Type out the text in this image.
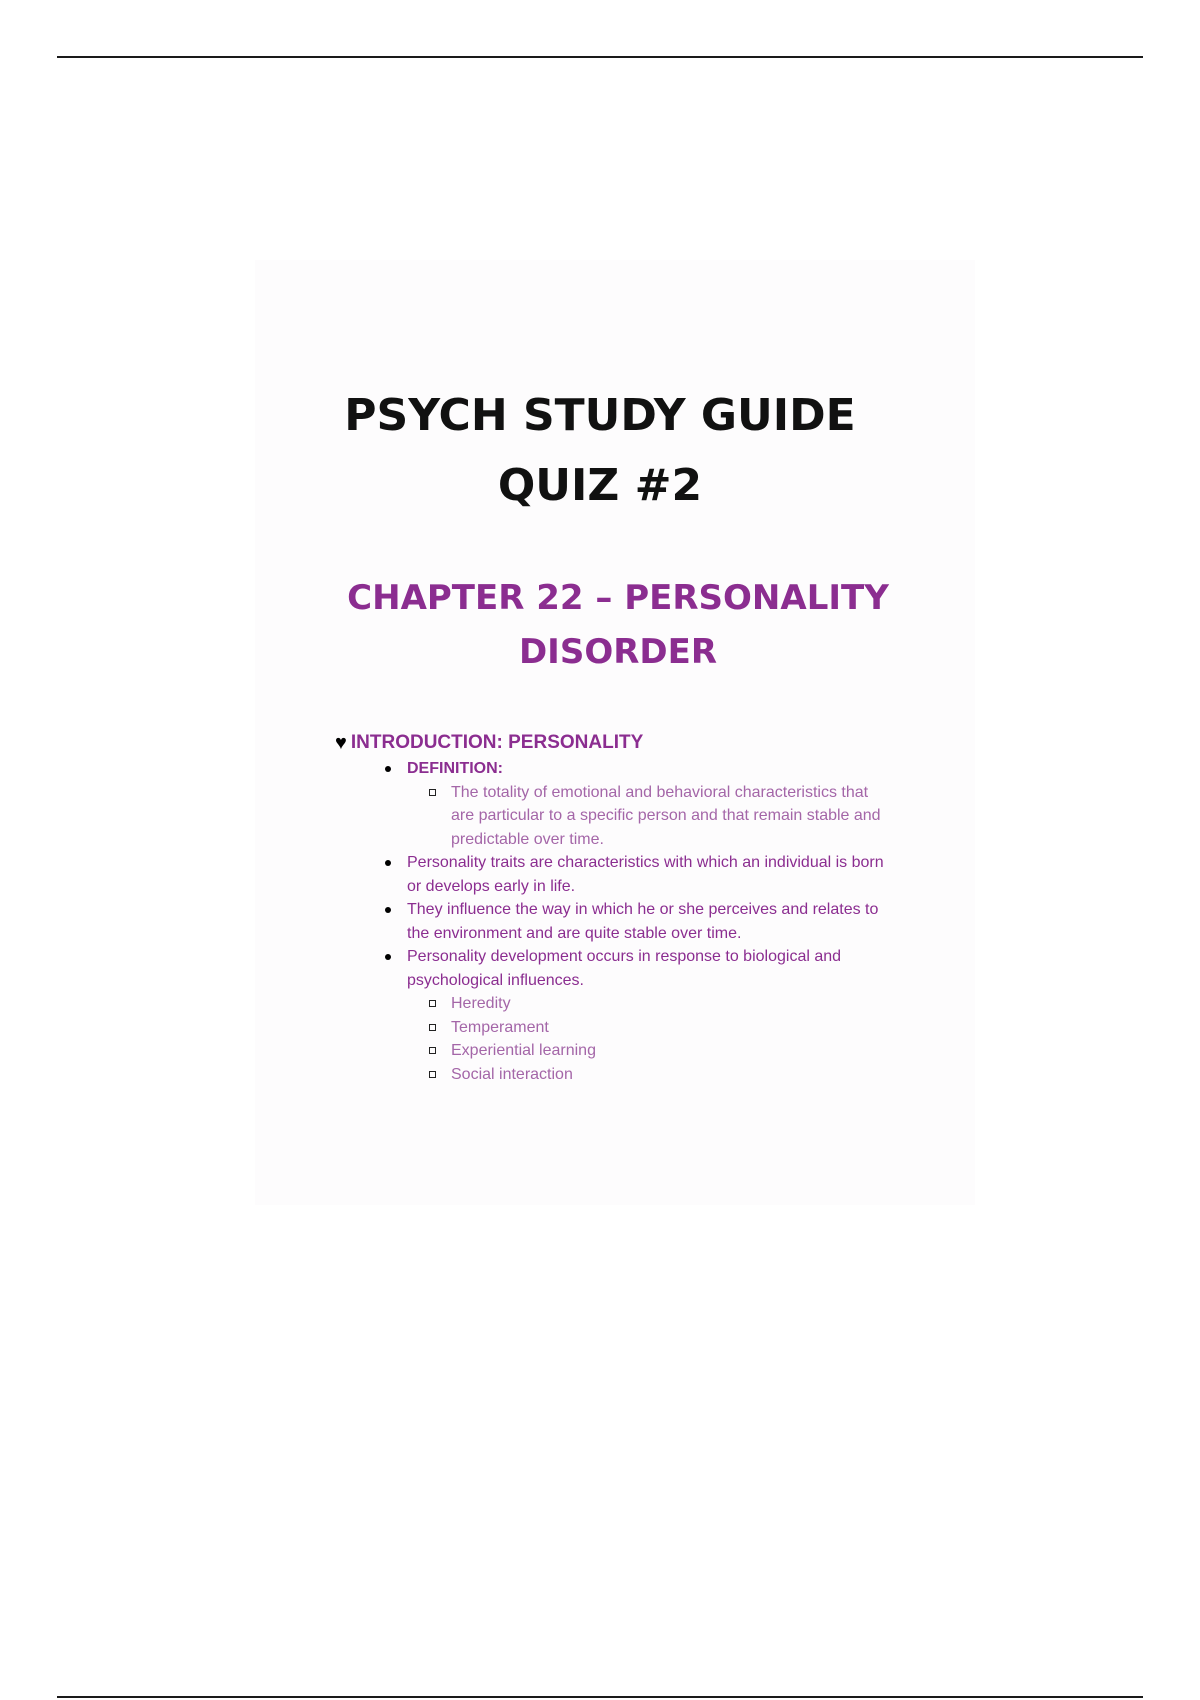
PSYCH STUDY GUIDE
QUIZ #2
CHAPTER 22 – PERSONALITY
DISORDER
♥ INTRODUCTION: PERSONALITY
DEFINITION:
The totality of emotional and behavioral characteristics that are particular to a specific person and that remain stable and predictable over time.
Personality traits are characteristics with which an individual is born or develops early in life.
They influence the way in which he or she perceives and relates to the environment and are quite stable over time.
Personality development occurs in response to biological and psychological influences.
Heredity
Temperament
Experiential learning
Social interaction
